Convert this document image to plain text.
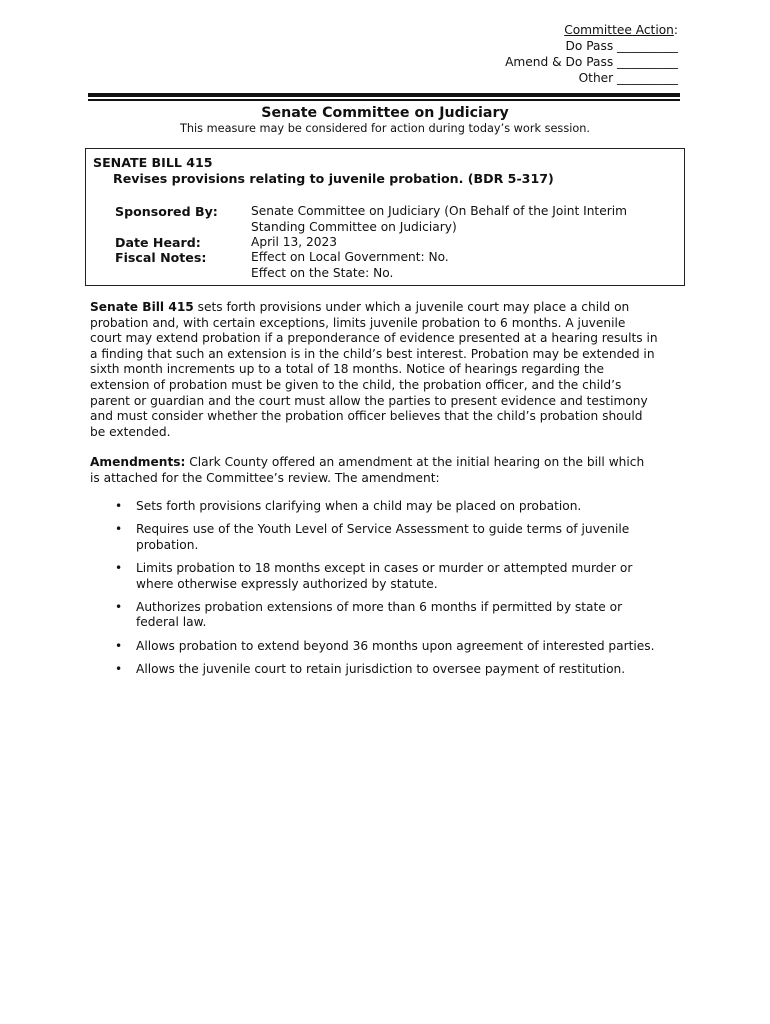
Committee Action:
Do Pass __________
Amend & Do Pass __________
Other __________
Senate Committee on Judiciary
This measure may be considered for action during today’s work session.
SENATE BILL 415
Revises provisions relating to juvenile probation. (BDR 5-317)
Sponsored By:	Senate Committee on Judiciary (On Behalf of the Joint Interim
Standing Committee on Judiciary)
Date Heard:	April 13, 2023
Fiscal Notes:	Effect on Local Government: No.
Effect on the State: No.
Senate Bill 415 sets forth provisions under which a juvenile court may place a child on
probation and, with certain exceptions, limits juvenile probation to 6 months. A juvenile
court may extend probation if a preponderance of evidence presented at a hearing results in
a finding that such an extension is in the child’s best interest. Probation may be extended in
sixth month increments up to a total of 18 months. Notice of hearings regarding the
extension of probation must be given to the child, the probation officer, and the child’s
parent or guardian and the court must allow the parties to present evidence and testimony
and must consider whether the probation officer believes that the child’s probation should
be extended.
Amendments: Clark County offered an amendment at the initial hearing on the bill which
is attached for the Committee’s review. The amendment:
• Sets forth provisions clarifying when a child may be placed on probation.
• Requires use of the Youth Level of Service Assessment to guide terms of juvenile
probation.
• Limits probation to 18 months except in cases or murder or attempted murder or
where otherwise expressly authorized by statute.
• Authorizes probation extensions of more than 6 months if permitted by state or
federal law.
• Allows probation to extend beyond 36 months upon agreement of interested parties.
• Allows the juvenile court to retain jurisdiction to oversee payment of restitution.
